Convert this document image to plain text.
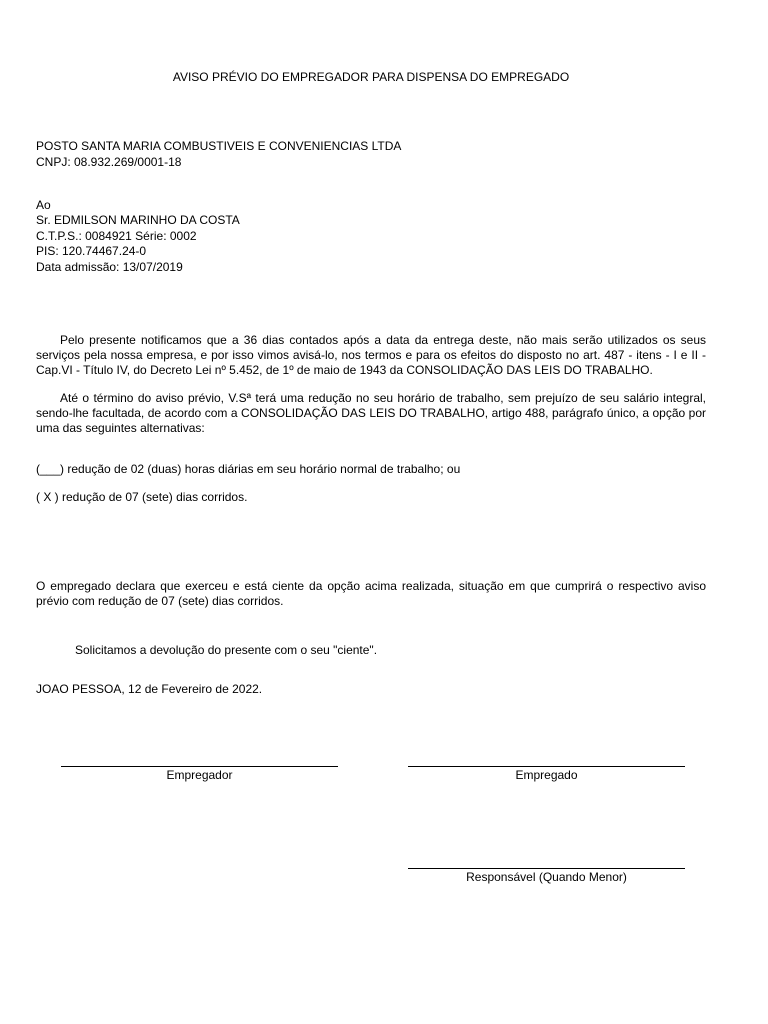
AVISO PRÉVIO DO EMPREGADOR PARA DISPENSA DO EMPREGADO
POSTO SANTA MARIA COMBUSTIVEIS E CONVENIENCIAS LTDA
CNPJ: 08.932.269/0001-18
Ao
Sr. EDMILSON MARINHO DA COSTA
C.T.P.S.: 0084921 Série: 0002
PIS: 120.74467.24-0
Data admissão: 13/07/2019
Pelo presente notificamos que a 36 dias contados após a data da entrega deste, não mais serão utilizados os seus serviços pela nossa empresa, e por isso vimos avisá-lo, nos termos e para os efeitos do disposto no art. 487 - itens - I e II - Cap.VI - Título IV, do Decreto Lei nº 5.452, de 1º de maio de 1943 da CONSOLIDAÇÃO DAS LEIS DO TRABALHO.
Até o término do aviso prévio, V.Sª terá uma redução no seu horário de trabalho, sem prejuízo de seu salário integral, sendo-lhe facultada, de acordo com a CONSOLIDAÇÃO DAS LEIS DO TRABALHO, artigo 488, parágrafo único, a opção por uma das seguintes alternativas:
(___) redução de 02 (duas) horas diárias em seu horário normal de trabalho; ou
( X ) redução de 07 (sete) dias corridos.
O empregado declara que exerceu e está ciente da opção acima realizada, situação em que cumprirá o respectivo aviso prévio com redução de 07 (sete) dias corridos.
Solicitamos a devolução do presente com o seu "ciente".
JOAO PESSOA, 12 de Fevereiro de 2022.
Empregador	Empregado
Responsável (Quando Menor)
